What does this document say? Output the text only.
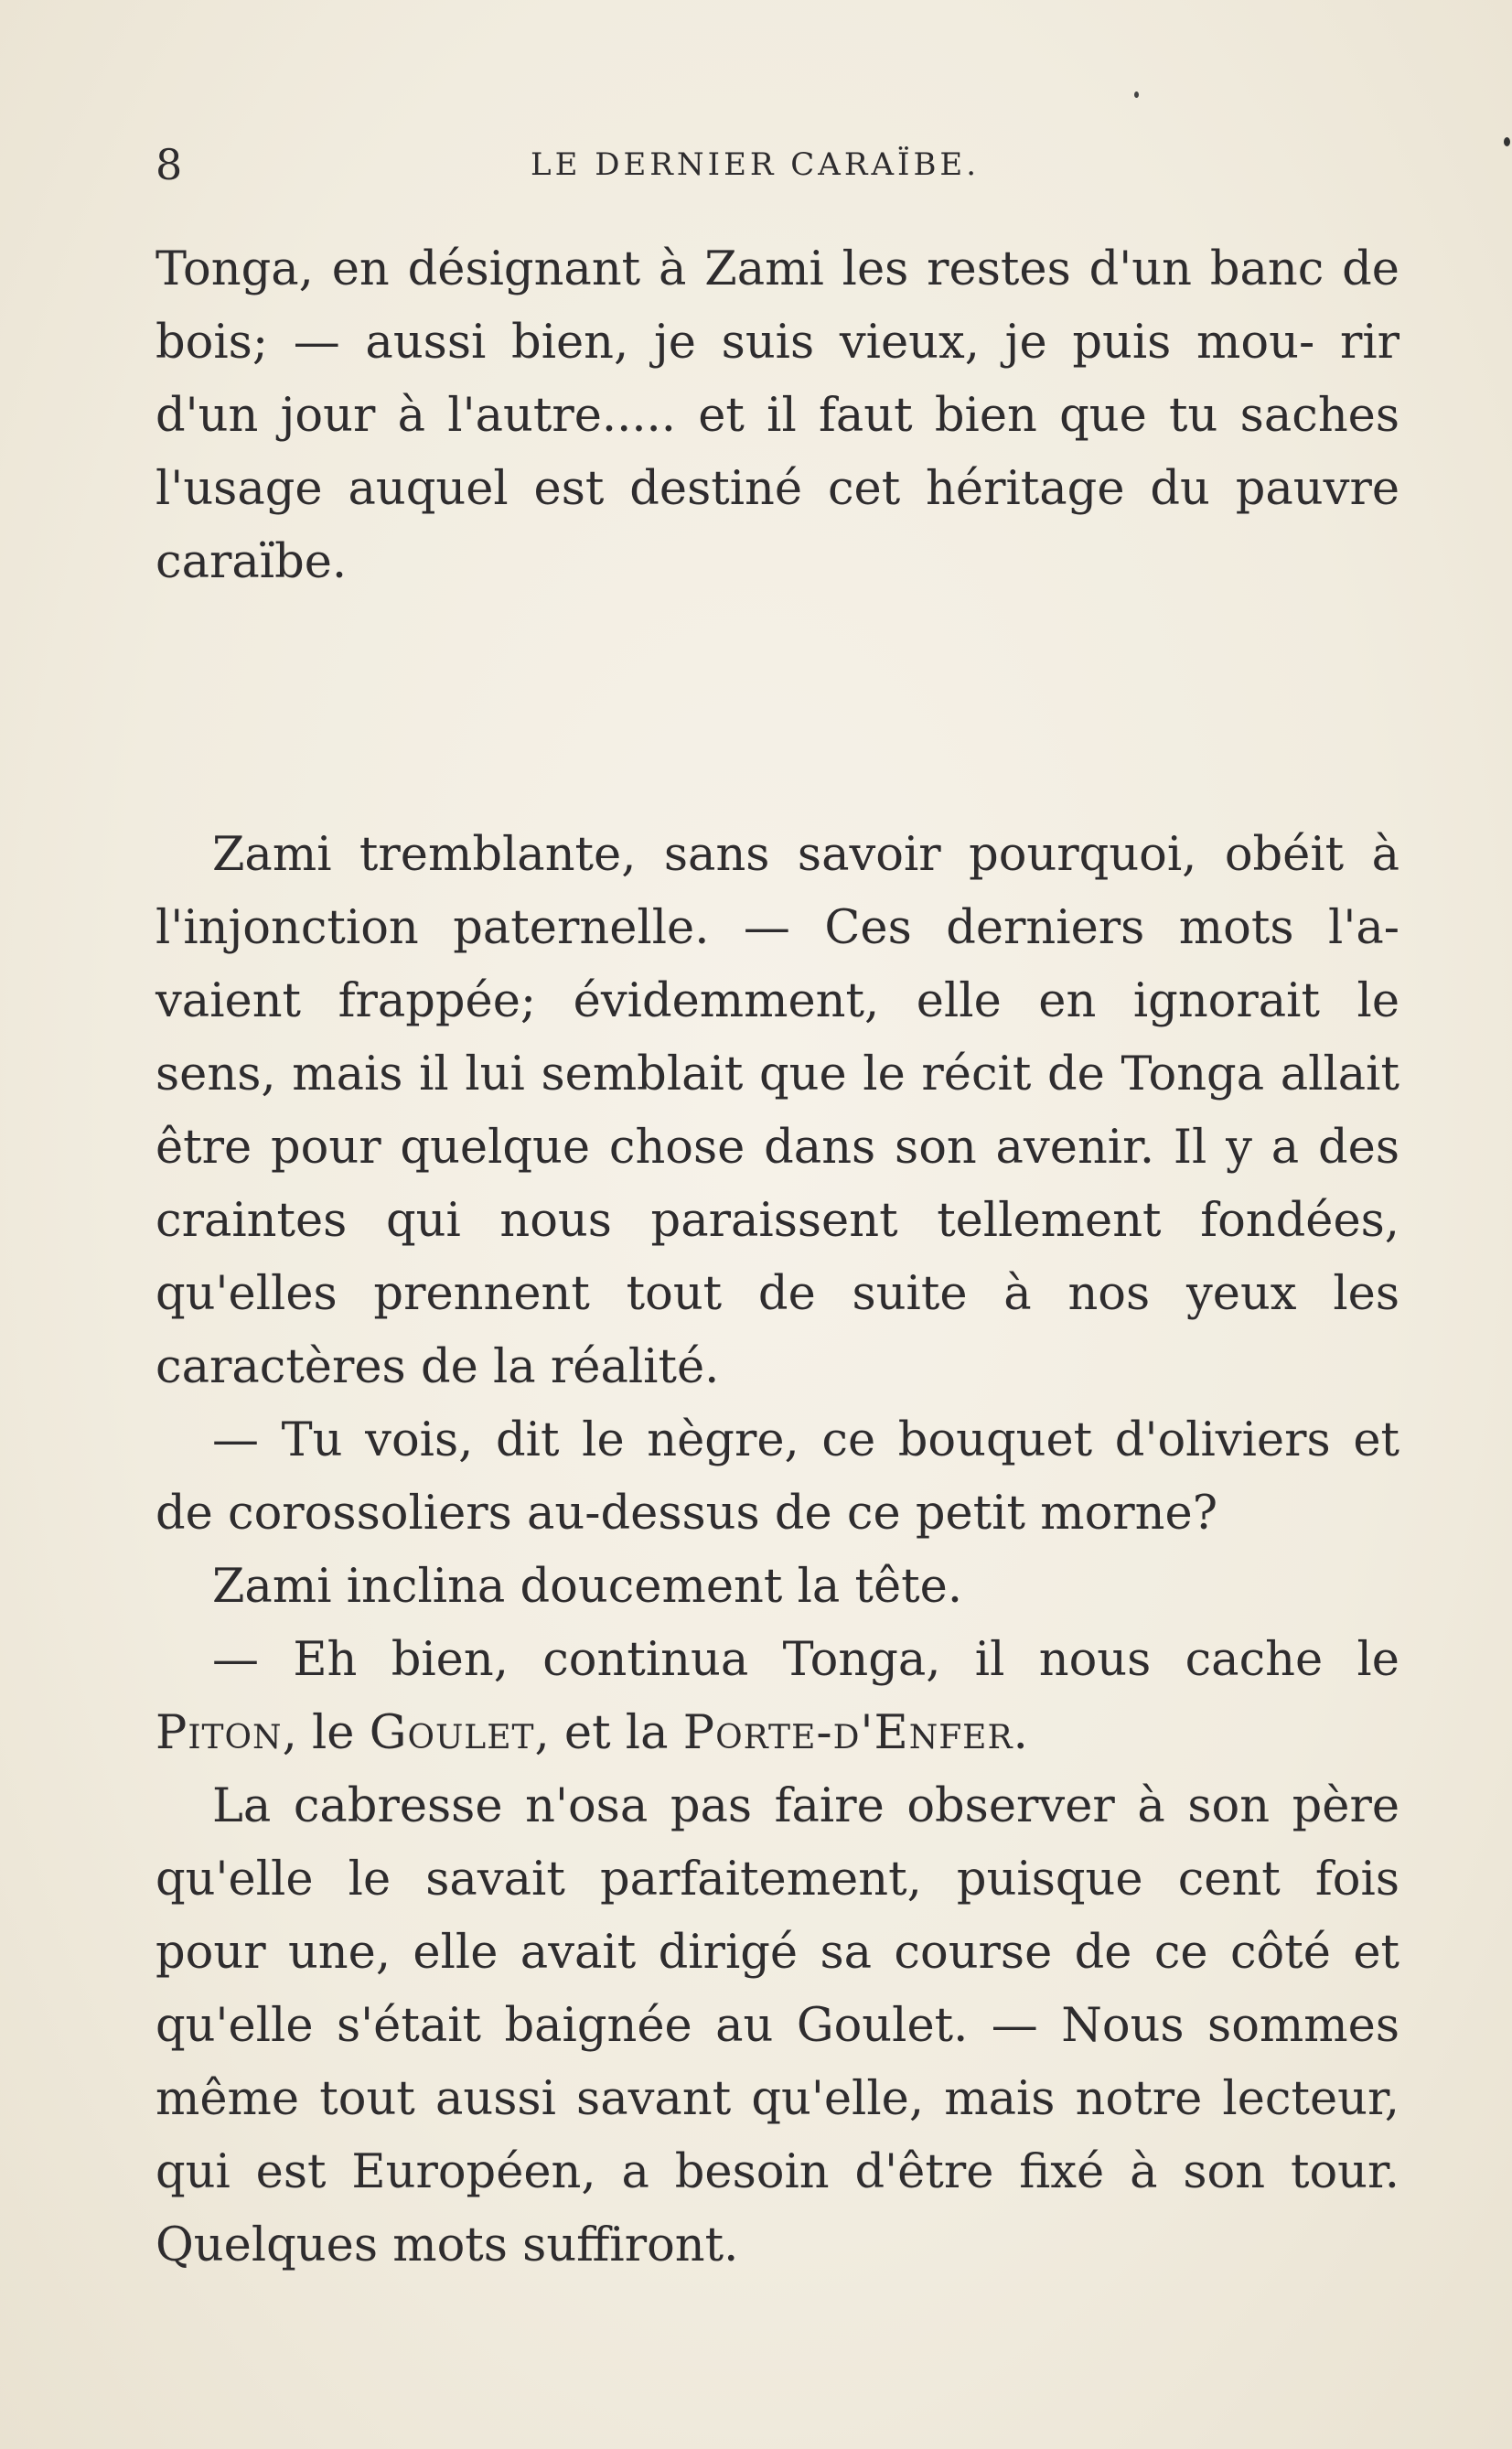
8	LE DERNIER CARAÏBE.

Tonga, en désignant à Zami les restes d'un banc de bois; — aussi bien, je suis vieux, je puis mou- rir d'un jour à l'autre..... et il faut bien que tu saches l'usage auquel est destiné cet héritage du pauvre caraïbe.

Zami tremblante, sans savoir pourquoi, obéit à l'injonction paternelle. — Ces derniers mots l'a- vaient frappée; évidemment, elle en ignorait le sens, mais il lui semblait que le récit de Tonga allait être pour quelque chose dans son avenir. Il y a des craintes qui nous paraissent tellement fondées, qu'elles prennent tout de suite à nos yeux les caractères de la réalité.

— Tu vois, dit le nègre, ce bouquet d'oliviers et de corossoliers au-dessus de ce petit morne?

Zami inclina doucement la tête.

— Eh bien, continua Tonga, il nous cache le Piton, le Goulet, et la Porte-d'Enfer.

La cabresse n'osa pas faire observer à son père qu'elle le savait parfaitement, puisque cent fois pour une, elle avait dirigé sa course de ce côté et qu'elle s'était baignée au Goulet. — Nous sommes même tout aussi savant qu'elle, mais notre lecteur, qui est Européen, a besoin d'être fixé à son tour. Quelques mots suffiront.
